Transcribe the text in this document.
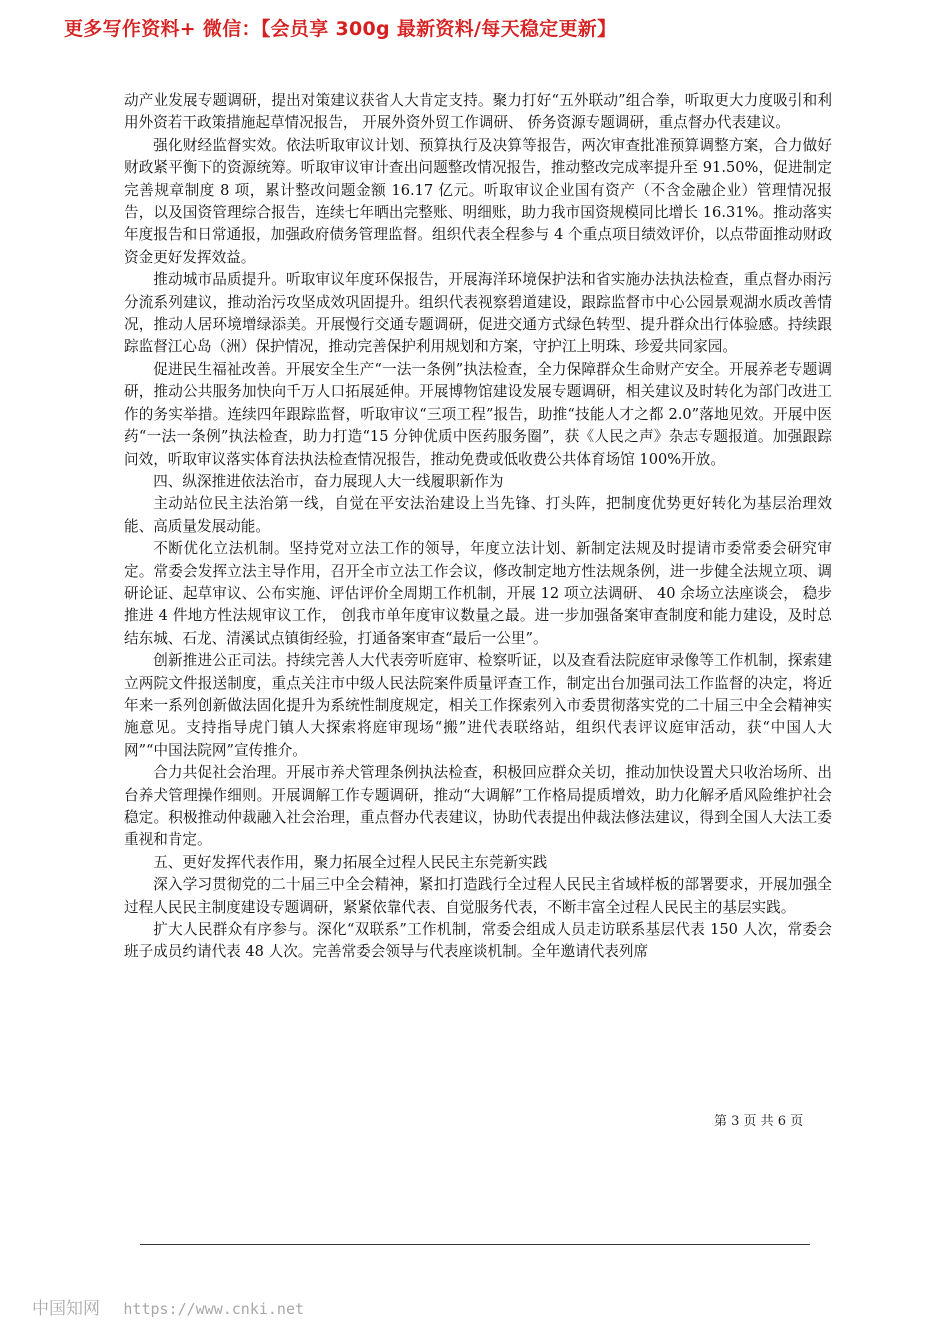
更多写作资料+ 微信：【会员享 300g 最新资料/每天稳定更新】

动产业发展专题调研，提出对策建议获省人大肯定支持。聚力打好“五外联动”组合拳，听取更大力度吸引和利用外资若干政策措施起草情况报告， 开展外资外贸工作调研、 侨务资源专题调研，重点督办代表建议。

强化财经监督实效。依法听取审议计划、预算执行及决算等报告，两次审查批准预算调整方案，合力做好财政紧平衡下的资源统筹。听取审议审计查出问题整改情况报告，推动整改完成率提升至 91.50%，促进制定完善规章制度 8 项，累计整改问题金额 16.17 亿元。听取审议企业国有资产（不含金融企业）管理情况报告，以及国资管理综合报告，连续七年晒出完整账、明细账，助力我市国资规模同比增长 16.31%。推动落实年度报告和日常通报，加强政府债务管理监督。组织代表全程参与 4 个重点项目绩效评价，以点带面推动财政资金更好发挥效益。

推动城市品质提升。听取审议年度环保报告，开展海洋环境保护法和省实施办法执法检查，重点督办雨污分流系列建议，推动治污攻坚成效巩固提升。组织代表视察碧道建设，跟踪监督市中心公园景观湖水质改善情况，推动人居环境增绿添美。开展慢行交通专题调研，促进交通方式绿色转型、提升群众出行体验感。持续跟踪监督江心岛（洲）保护情况，推动完善保护利用规划和方案，守护江上明珠、珍爱共同家园。

促进民生福祉改善。开展安全生产“一法一条例”执法检查，全力保障群众生命财产安全。开展养老专题调研，推动公共服务加快向千万人口拓展延伸。开展博物馆建设发展专题调研，相关建议及时转化为部门改进工作的务实举措。连续四年跟踪监督，听取审议“三项工程”报告，助推“技能人才之都 2.0”落地见效。开展中医药“一法一条例”执法检查，助力打造“15 分钟优质中医药服务圈”，获《人民之声》杂志专题报道。加强跟踪问效，听取审议落实体育法执法检查情况报告，推动免费或低收费公共体育场馆 100%开放。

四、纵深推进依法治市，奋力展现人大一线履职新作为

主动站位民主法治第一线，自觉在平安法治建设上当先锋、打头阵，把制度优势更好转化为基层治理效能、高质量发展动能。

不断优化立法机制。坚持党对立法工作的领导，年度立法计划、新制定法规及时提请市委常委会研究审定。常委会发挥立法主导作用，召开全市立法工作会议，修改制定地方性法规条例，进一步健全法规立项、调研论证、起草审议、公布实施、评估评价全周期工作机制，开展 12 项立法调研、 40 余场立法座谈会， 稳步推进 4 件地方性法规审议工作， 创我市单年度审议数量之最。进一步加强备案审查制度和能力建设，及时总结东城、石龙、清溪试点镇街经验，打通备案审查“最后一公里”。

创新推进公正司法。持续完善人大代表旁听庭审、检察听证，以及查看法院庭审录像等工作机制，探索建立两院文件报送制度，重点关注市中级人民法院案件质量评查工作，制定出台加强司法工作监督的决定，将近年来一系列创新做法固化提升为系统性制度规定，相关工作探索列入市委贯彻落实党的二十届三中全会精神实施意见。支持指导虎门镇人大探索将庭审现场“搬”进代表联络站，组织代表评议庭审活动，获“中国人大网”“中国法院网”宣传推介。

合力共促社会治理。开展市养犬管理条例执法检查，积极回应群众关切，推动加快设置犬只收治场所、出台养犬管理操作细则。开展调解工作专题调研，推动“大调解”工作格局提质增效，助力化解矛盾风险维护社会稳定。积极推动仲裁融入社会治理，重点督办代表建议，协助代表提出仲裁法修法建议，得到全国人大法工委重视和肯定。

五、更好发挥代表作用，聚力拓展全过程人民民主东莞新实践

深入学习贯彻党的二十届三中全会精神，紧扣打造践行全过程人民民主省域样板的部署要求，开展加强全过程人民民主制度建设专题调研，紧紧依靠代表、自觉服务代表，不断丰富全过程人民民主的基层实践。

扩大人民群众有序参与。深化“双联系”工作机制，常委会组成人员走访联系基层代表 150 人次，常委会班子成员约请代表 48 人次。完善常委会领导与代表座谈机制。全年邀请代表列席

第 3 页 共 6 页
中国知网 https://www.cnki.net
